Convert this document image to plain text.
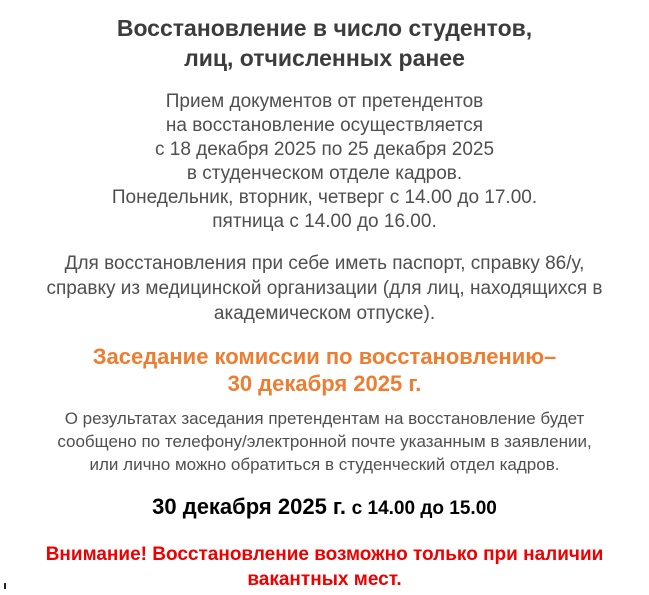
Восстановление в число студентов,
лиц, отчисленных ранее
Прием документов от претендентов
на восстановление осуществляется
с 18 декабря 2025 по 25 декабря 2025
в студенческом отделе кадров.
Понедельник, вторник, четверг с 14.00 до 17.00.
пятница с 14.00 до 16.00.
Для восстановления при себе иметь паспорт, справку 86/у,
справку из медицинской организации (для лиц, находящихся в
академическом отпуске).
Заседание комиссии по восстановлению–
30 декабря 2025 г.
О результатах заседания претендентам на восстановление будет
сообщено по телефону/электронной почте указанным в заявлении,
или лично можно обратиться в студенческий отдел кадров.
30 декабря 2025 г. с 14.00 до 15.00
Внимание! Восстановление возможно только при наличии
вакантных мест.
